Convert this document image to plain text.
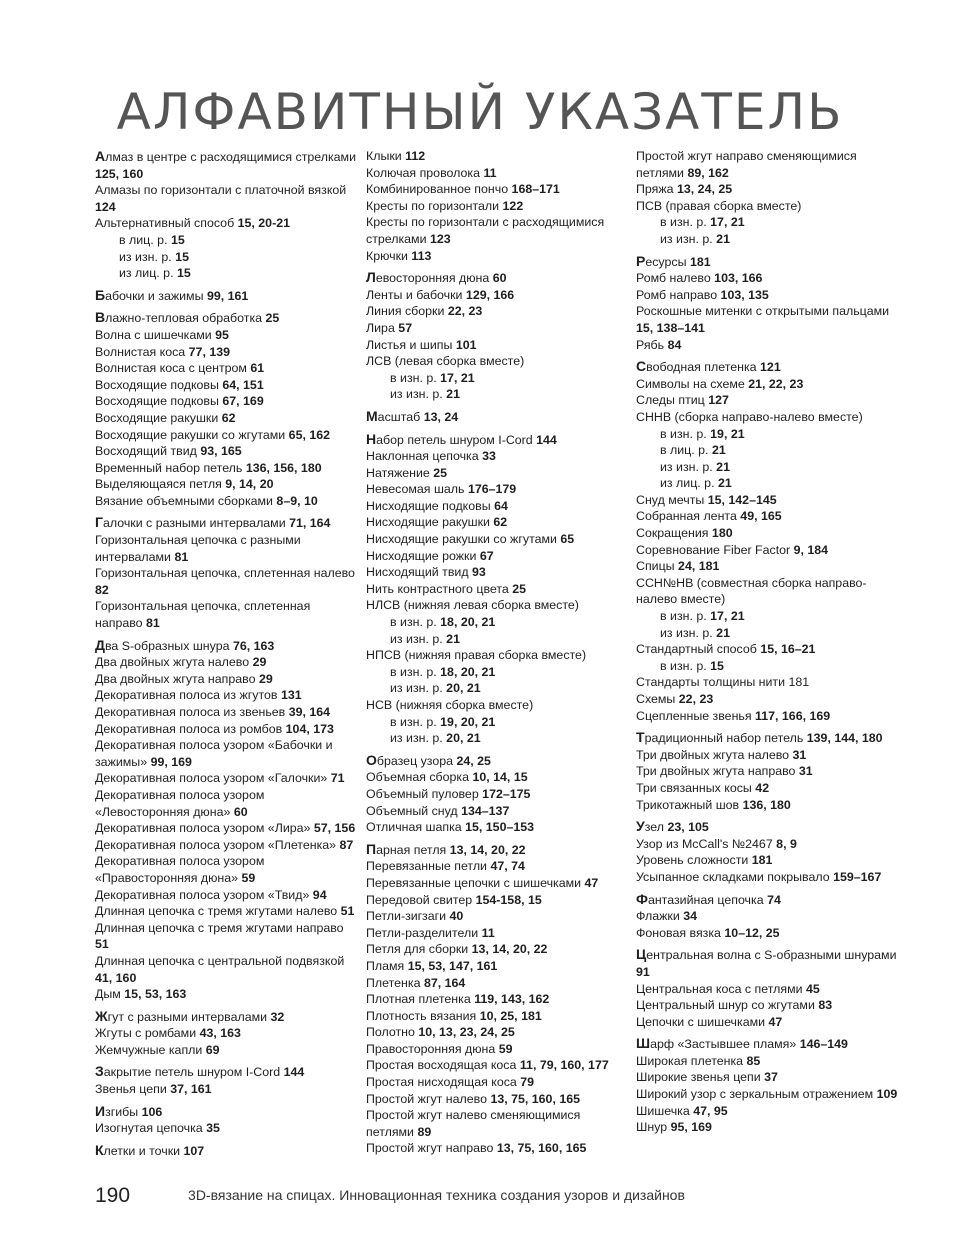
АЛФАВИТНЫЙ УКАЗАТЕЛЬ
Алмаз в центре с расходящимися стрелками 125, 160
Алмазы по горизонтали с платочной вязкой 124
Альтернативный способ 15, 20-21
в лиц. р. 15
из изн. р. 15
из лиц. р. 15
Бабочки и зажимы 99, 161
Влажно-тепловая обработка 25
Волна с шишечками 95
Волнистая коса 77, 139
Волнистая коса с центром 61
Восходящие подковы 64, 151
Восходящие подковы 67, 169
Восходящие ракушки 62
Восходящие ракушки со жгутами 65, 162
Восходящий твид 93, 165
Временный набор петель 136, 156, 180
Выделяющаяся петля 9, 14, 20
Вязание объемными сборками 8–9, 10
Галочки с разными интервалами 71, 164
Горизонтальная цепочка с разными интервалами 81
Горизонтальная цепочка, сплетенная налево 82
Горизонтальная цепочка, сплетенная направо 81
Два S-образных шнура 76, 163
Два двойных жгута налево 29
Два двойных жгута направо 29
Декоративная полоса из жгутов 131
Декоративная полоса из звеньев 39, 164
Декоративная полоса из ромбов 104, 173
Декоративная полоса узором «Бабочки и зажимы» 99, 169
Декоративная полоса узором «Галочки» 71
Декоративная полоса узором «Левосторонняя дюна» 60
Декоративная полоса узором «Лира» 57, 156
Декоративная полоса узором «Плетенка» 87
Декоративная полоса узором «Правосторонняя дюна» 59
Декоративная полоса узором «Твид» 94
Длинная цепочка с тремя жгутами налево 51
Длинная цепочка с тремя жгутами направо 51
Длинная цепочка с центральной подвязкой 41, 160
Дым 15, 53, 163
Жгут с разными интервалами 32
Жгуты с ромбами 43, 163
Жемчужные капли 69
Закрытие петель шнуром I-Cord 144
Звенья цепи 37, 161
Изгибы 106
Изогнутая цепочка 35
Клетки и точки 107
Клыки 112
Колючая проволока 11
Комбинированное пончо 168–171
Кресты по горизонтали 122
Кресты по горизонтали с расходящимися стрелками 123
Крючки 113
Левосторонняя дюна 60
Ленты и бабочки 129, 166
Линия сборки 22, 23
Лира 57
Листья и шипы 101
ЛСВ (левая сборка вместе)
в изн. р. 17, 21
из изн. р. 21
Масштаб 13, 24
Набор петель шнуром I-Cord 144
Наклонная цепочка 33
Натяжение 25
Невесомая шаль 176–179
Нисходящие подковы 64
Нисходящие ракушки 62
Нисходящие ракушки со жгутами 65
Нисходящие рожки 67
Нисходящий твид 93
Нить контрастного цвета 25
НЛСВ (нижняя левая сборка вместе)
в изн. р. 18, 20, 21
из изн. р. 21
НПСВ (нижняя правая сборка вместе)
в изн. р. 18, 20, 21
из изн. р. 20, 21
НСВ (нижняя сборка вместе)
в изн. р. 19, 20, 21
из изн. р. 20, 21
Образец узора 24, 25
Объемная сборка 10, 14, 15
Объемный пуловер 172–175
Объемный снуд 134–137
Отличная шапка 15, 150–153
Парная петля 13, 14, 20, 22
Перевязанные петли 47, 74
Перевязанные цепочки с шишечками 47
Передовой свитер 154-158, 15
Петли-зигзаги 40
Петли-разделители 11
Петля для сборки 13, 14, 20, 22
Пламя 15, 53, 147, 161
Плетенка 87, 164
Плотная плетенка 119, 143, 162
Плотность вязания 10, 25, 181
Полотно 10, 13, 23, 24, 25
Правосторонняя дюна 59
Простая восходящая коса 11, 79, 160, 177
Простая нисходящая коса 79
Простой жгут налево 13, 75, 160, 165
Простой жгут налево сменяющимися петлями 89
Простой жгут направо 13, 75, 160, 165
Простой жгут направо сменяющимися петлями 89, 162
Пряжа 13, 24, 25
ПСВ (правая сборка вместе)
в изн. р. 17, 21
из изн. р. 21
Ресурсы 181
Ромб налево 103, 166
Ромб направо 103, 135
Роскошные митенки с открытыми пальцами 15, 138–141
Рябь 84
Свободная плетенка 121
Символы на схеме 21, 22, 23
Следы птиц 127
СННВ (сборка направо-налево вместе)
в изн. р. 19, 21
в лиц. р. 21
из изн. р. 21
из лиц. р. 21
Снуд мечты 15, 142–145
Собранная лента 49, 165
Сокращения 180
Соревнование Fiber Factor 9, 184
Спицы 24, 181
ССН№НВ (совместная сборка направо-налево вместе)
в изн. р. 17, 21
из изн. р. 21
Стандартный способ 15, 16–21
в изн. р. 15
Стандарты толщины нити 181
Схемы 22, 23
Сцепленные звенья 117, 166, 169
Традиционный набор петель 139, 144, 180
Три двойных жгута налево 31
Три двойных жгута направо 31
Три связанных косы 42
Трикотажный шов 136, 180
Узел 23, 105
Узор из McCall's №2467 8, 9
Уровень сложности 181
Усыпанное складками покрывало 159–167
Фантазийная цепочка 74
Флажки 34
Фоновая вязка 10–12, 25
Центральная волна с S-образными шнурами 91
Центральная коса с петлями 45
Центральный шнур со жгутами 83
Цепочки с шишечками 47
Шарф «Застывшее пламя» 146–149
Широкая плетенка 85
Широкие звенья цепи 37
Широкий узор с зеркальным отражением 109
Шишечка 47, 95
Шнур 95, 169
190	3D-вязание на спицах. Инновационная техника создания узоров и дизайнов
